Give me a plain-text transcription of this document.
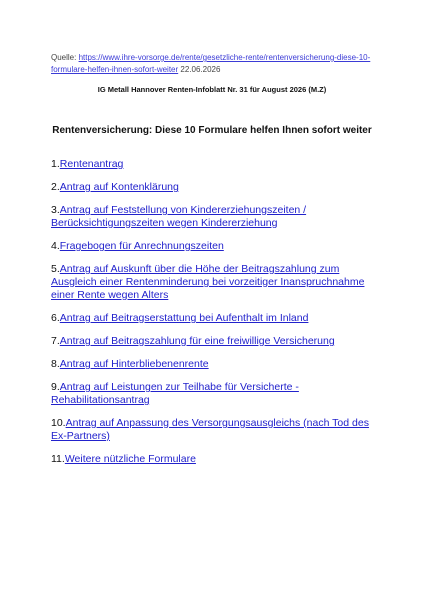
Quelle: https://www.ihre-vorsorge.de/rente/gesetzliche-rente/rentenversicherung-diese-10-formulare-helfen-ihnen-sofort-weiter 22.06.2026
IG Metall Hannover Renten-Infoblatt Nr. 31 für August 2026 (M.Z)
Rentenversicherung: Diese 10 Formulare helfen Ihnen sofort weiter
1.Rentenantrag
2.Antrag auf Kontenklärung
3.Antrag auf Feststellung von Kindererziehungszeiten / Berücksichtigungszeiten wegen Kindererziehung
4.Fragebogen für Anrechnungszeiten
5.Antrag auf Auskunft über die Höhe der Beitragszahlung zum Ausgleich einer Rentenminderung bei vorzeitiger Inanspruchnahme einer Rente wegen Alters
6.Antrag auf Beitragserstattung bei Aufenthalt im Inland
7.Antrag auf Beitragszahlung für eine freiwillige Versicherung
8.Antrag auf Hinterbliebenenrente
9.Antrag auf Leistungen zur Teilhabe für Versicherte - Rehabilitationsantrag
10.Antrag auf Anpassung des Versorgungsausgleichs (nach Tod des Ex-Partners)
11.Weitere nützliche Formulare
